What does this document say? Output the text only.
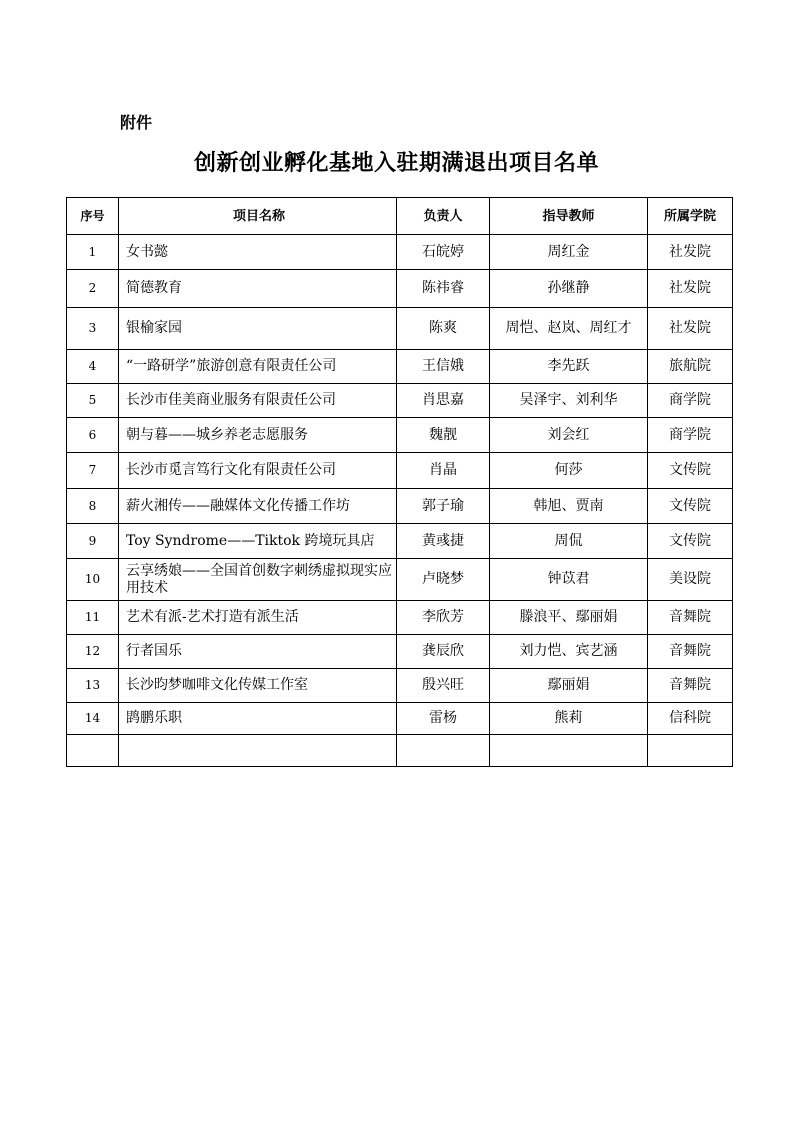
附件
创新创业孵化基地入驻期满退出项目名单
序号	项目名称	负责人	指导教师	所属学院
1	女书懿	石皖婷	周红金	社发院
2	简德教育	陈祎睿	孙继静	社发院
3	银榆家园	陈爽	周恺、赵岚、周红才	社发院
4	“一路研学”旅游创意有限责任公司	王信娥	李先跃	旅航院
5	长沙市佳美商业服务有限责任公司	肖思嘉	吴泽宇、刘利华	商学院
6	朝与暮——城乡养老志愿服务	魏靓	刘会红	商学院
7	长沙市觅言笃行文化有限责任公司	肖晶	何莎	文传院
8	薪火湘传——融媒体文化传播工作坊	郭子瑜	韩旭、贾南	文传院
9	Toy Syndrome——Tiktok 跨境玩具店	黄彧捷	周侃	文传院
10	云享绣娘——全国首创数字刺绣虚拟现实应用技术	卢晓梦	钟苡君	美设院
11	艺术有派-艺术打造有派生活	李欣芳	滕浪平、鄢丽娟	音舞院
12	行者国乐	龚辰欣	刘力恺、宾艺涵	音舞院
13	长沙昀梦咖啡文化传媒工作室	殷兴旺	鄢丽娟	音舞院
14	鹍鹏乐职	雷杨	熊莉	信科院
